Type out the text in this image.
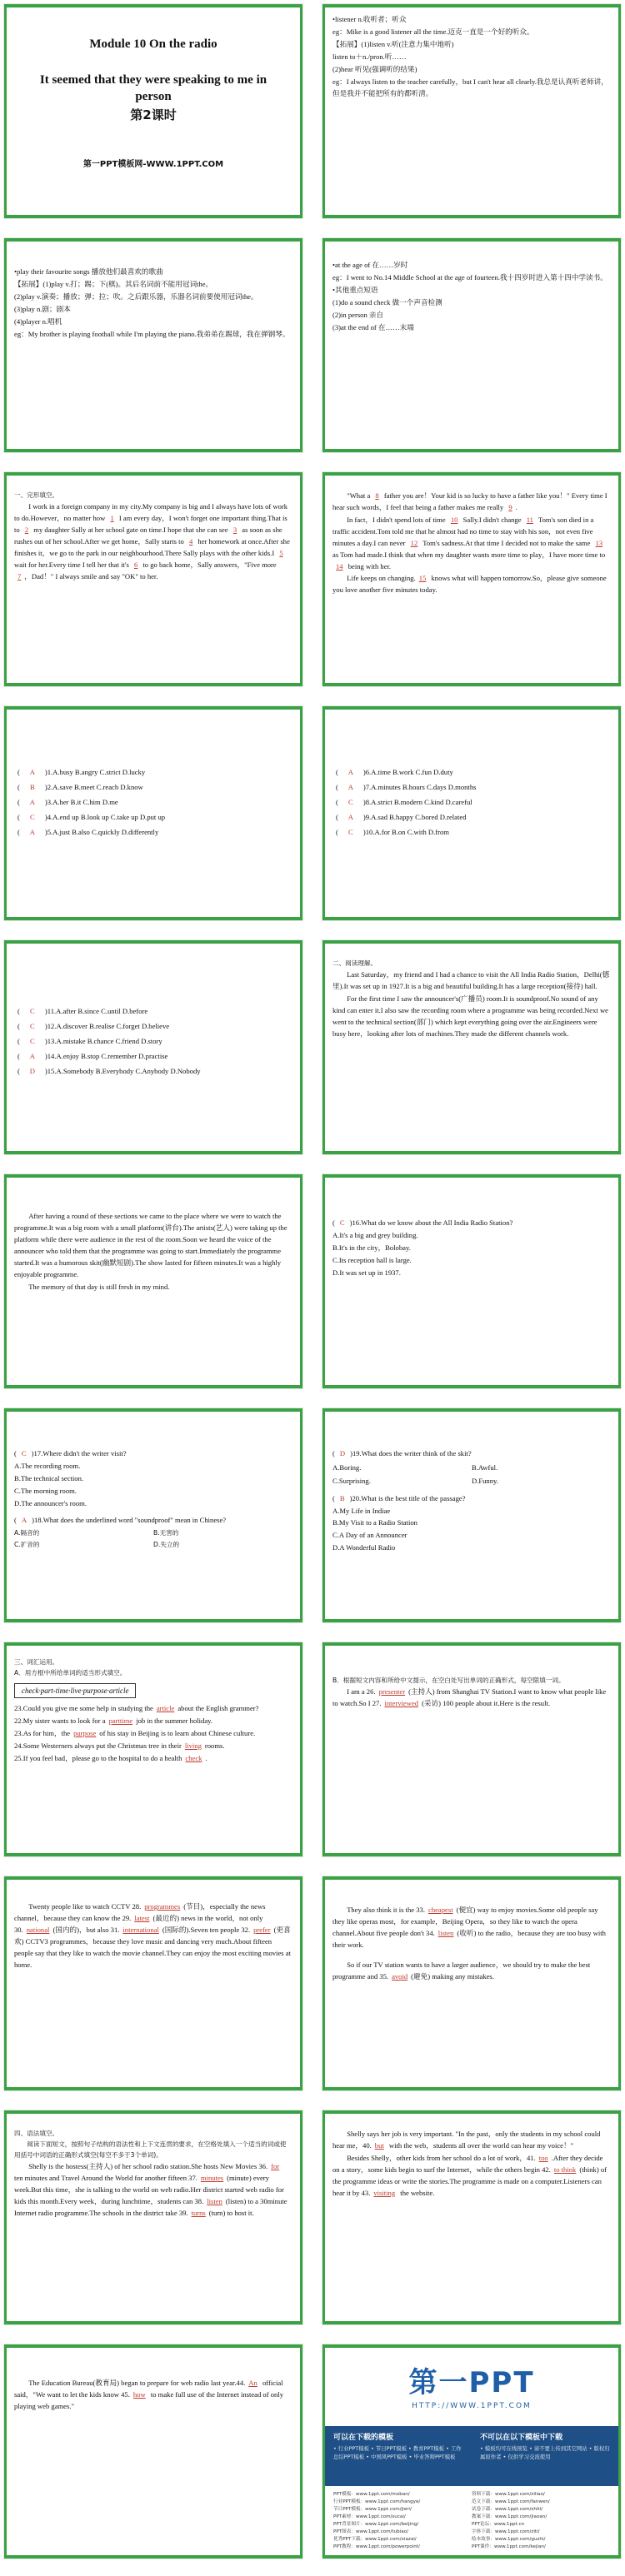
Module 10 On the radio
It seemed that they were speaking to me in person
第2课时
第一PPT模板网-WWW.1PPT.COM

•listener n.收听者；听众

eg：Mike is a good listener all the time.迈克一直是一个好的听众。

【拓展】(1)listen v.听(注意力集中地听)

listen to＋n./pron.听……

(2)hear 听见(强调听的结果)

eg：I always listen to the teacher carefully，but I can't hear all clearly.我总是认真听老师讲，但是我并不能把所有的都听清。

•play their favourite songs 播放他们最喜欢的歌曲

【拓展】(1)play v.打；踢；下(棋)。其后名词前不能用冠词the。

(2)play v.演奏；播放；弹；拉；吹。之后跟乐器，乐器名词前要使用冠词the。

(3)play n.剧；剧本

(4)player n.唱机

eg：My brother is playing football while I'm playing the piano.我弟弟在踢球，我在弹钢琴。

•at the age of 在……岁时

eg：I went to No.14 Middle School at the age of fourteen.我十四岁时进入第十四中学读书。

•其他重点短语

(1)do a sound check 做一个声音检测

(2)in person 亲自

(3)at the end of 在……末端

一、完形填空。

I work in a foreign company in my city.My company is big and I always have lots of work to do.However，no matter how 1 I am every day，I won't forget one important thing.That is to 2 my daughter Sally at her school gate on time.I hope that she can see 3 as soon as she rushes out of her school.After we get home，Sally starts to 4 her homework at once.After she finishes it，we go to the park in our neighbourhood.There Sally plays with the other kids.I 5 wait for her.Every time I tell her that it's 6 to go back home，Sally answers，"Five more 7 ，Dad！" I always smile and say "OK" to her.

"What a 8 father you are！Your kid is so lucky to have a father like you！" Every time I hear such words，I feel that being a father makes me really 9 .

In fact，I didn't spend lots of time 10 Sally.I didn't change 11 Tom's son died in a traffic accident.Tom told me that he almost had no time to stay with his son，not even five minutes a day.I can never 12 Tom's sadness.At that time I decided not to make the same 13 as Tom had made.I think that when my daughter wants more time to play，I have more time to 14 being with her.

Life keeps on changing. 15 knows what will happen tomorrow.So，please give someone you love another five minutes today.

(	A	)1.A.busy B.angry C.strict D.lucky
(	B	)2.A.save B.meet C.reach D.know
(	A	)3.A.her B.it C.him D.me
(	C	)4.A.end up B.look up C.take up D.put up
(	A	)5.A.just B.also C.quickly D.differently
(	A	)6.A.time B.work C.fun D.duty
(	A	)7.A.minutes B.hours C.days D.months
(	C	)8.A.strict B.modern C.kind D.careful
(	A	)9.A.sad B.happy C.bored D.related
(	C	)10.A.for B.on C.with D.from
(	C	)11.A.after B.since C.until D.before
(	C	)12.A.discover B.realise C.forget D.believe
(	C	)13.A.mistake B.chance C.friend D.story
(	A	)14.A.enjoy B.stop C.remember D.practise
(	D	)15.A.Somebody B.Everybody C.Anybody D.Nobody

二、阅读理解。

Last Saturday，my friend and I had a chance to visit the All India Radio Station，Delhi(德里).It was set up in 1927.It is a big and beautiful building.It has a large reception(接待) hall.

For the first time I saw the announcer's(广播员) room.It is soundproof.No sound of any kind can enter it.I also saw the recording room where a programme was being recorded.Next we went to the technical section(部门) which kept everything going over the air.Engineers were busy here，looking after lots of machines.They made the different channels work.

After having a round of these sections we came to the place where we were to watch the programme.It was a big room with a small platform(讲台).The artists(艺人) were taking up the platform while there were audience in the rest of the room.Soon we heard the voice of the announcer who told them that the programme was going to start.Immediately the programme started.It was a humorous skit(幽默短剧).The show lasted for fifteen minutes.It was a highly enjoyable programme.

The memory of that day is still fresh in my mind.

( C )16.What do we know about the All India Radio Station?

A.It's a big and grey building.

B.It's in the city，Bolobay.

C.Its reception hall is large.

D.It was set up in 1937.

( C )17.Where didn't the writer visit?

A.The recording room.

B.The technical section.

C.The morning room.

D.The announcer's room.

( A )18.What does the underlined word "soundproof" mean in Chinese?

A.隔音的	B.无害的
C.扩音的	D.失立的

( D )19.What does the writer think of the skit?

A.Boring.	B.Awful.
C.Surprising.	D.Funny.

( B )20.What is the best title of the passage?

A.My Life in Indiae

B.My Visit to a Radio Station

C.A Day of an Announcer

D.A Wonderful Radio

三、词汇运用。

A．用方框中所给单词的适当形式填空。

check·part-time·live·purpose·article

23.Could you give me some help in studying the article about the English grammer?

22.My sister wants to look for a parttime job in the summer holiday.

23.As for him，the purpose of his stay in Beijing is to learn about Chinese culture.

24.Some Westerners always put the Christmas tree in their living rooms.

25.If you feel bad，please go to the hospital to do a health check .

B．根据短文内容和所给中文提示，在空白处写出单词的正确形式，每空限填一词。

I am a 26. presenter (主持人) from Shanghai TV Station.I want to know what people like to watch.So I 27. interviewed (采访) 100 people about it.Here is the result.

Twenty people like to watch CCTV 28. programmes (节目)，especially the news channel，because they can know the 29. latest (最近的) news in the world，not only 30. national (国内的)，but also 31. international (国际的).Seven ten people 32. prefer (更喜欢) CCTV3 programmes，because they love music and dancing very much.About fifteen people say that they like to watch the movie channel.They can enjoy the most exciting movies at home.

They also think it is the 33. cheapest (便宜) way to enjoy movies.Some old people say they like operas most，for example，Beijing Opera，so they like to watch the opera channel.About five people don't 34. listen (收听) to the radio，because they are too busy with their work.

So if our TV station wants to have a larger audience，we should try to make the best programme and 35. avoid (避免) making any mistakes.

四、语法填空。

阅读下面短文，按照句子结构的语法性和上下文连贯的要求，在空格处填入一个适当的词或使用括号中词语的正确形式填空(每空不多于3个单词)。

Shelly is the hostess(主持人) of her school radio station.She hosts New Movies 36. for ten minutes and Travel Around the World for another fifteen 37. minutes (minute) every week.But this time，she is talking to the world on web radio.Her district started web radio for kids this month.Every week，during lunchtime，students can 38. listen (listen) to a 30minute Internet radio programme.The schools in the district take 39. turns (turn) to host it.

Shelly says her job is very important. "In the past，only the students in my school could hear me，40. but with the web，students all over the world can hear my voice！"

Besides Shelly，other kids from her school do a lot of work，41. too .After they decide on a story，some kids begin to surf the Internet，while the others begin 42. to think (think) of the programme ideas or write the stories.The programme is made on a computer.Listeners can hear it by 43. visiting the website.

The Education Bureau(教育局) began to prepare for web radio last year.44. An official said，"We want to let the kids know 45. how to make full use of the Internet instead of only playing web games."

第一PPT
HTTP://WWW.1PPT.COM
可以在下载的模板
• 行业PPT模板 • 节日PPT模板 • 教育PPT模板 • 工作总结PPT模板 • 中国风PPT模板 • 毕业答辩PPT模板
不可以在以下模板中下载
• 模板均可在线预览 • 请不要上传到其它网站 • 版权归属原作者 • 仅供学习交流使用
PPT模板：www.1ppt.com/moban/
行业PPT模板：www.1ppt.com/hangye/
节日PPT模板：www.1ppt.com/jieri/
PPT素材：www.1ppt.com/sucai/
PPT背景图片：www.1ppt.com/beijing/
PPT图表：www.1ppt.com/tubiao/
优秀PPT下载：www.1ppt.com/xiazai/
PPT教程：www.1ppt.com/powerpoint/
资料下载：www.1ppt.com/ziliao/
范文下载：www.1ppt.com/fanwen/
试卷下载：www.1ppt.com/shiti/
教案下载：www.1ppt.com/jiaoan/
PPT论坛：www.1ppt.cn
字体下载：www.1ppt.com/ziti/
绘本故事：www.1ppt.com/gushi/
PPT课件：www.1ppt.com/kejian/
